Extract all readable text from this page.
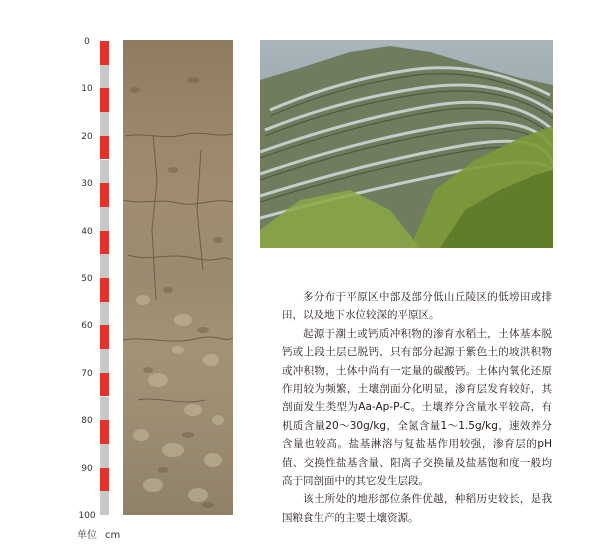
0
10
20
30
40
50
60
70
80
90
100
单位 cm

多分布于平原区中部及部分低山丘陵区的低塝田或排田，以及地下水位较深的平原区。

起源于潮土或钙质冲积物的渗育水稻土，土体基本脱钙或上段土层已脱钙，只有部分起源于紫色土的坡洪积物或冲积物，土体中尚有一定量的碳酸钙。土体内氧化还原作用较为频繁，土壤剖面分化明显，渗育层发育较好，其剖面发生类型为Aa-Ap-P-C。土壤养分含量水平较高，有机质含量20～30g/kg，全氮含量1～1.5g/kg，速效养分含量也较高。盐基淋溶与复盐基作用较强，渗育层的pH值、交换性盐基含量、阳离子交换量及盐基饱和度一般均高于同剖面中的其它发生层段。

该土所处的地形部位条件优越，种稻历史较长，是我国粮食生产的主要土壤资源。
